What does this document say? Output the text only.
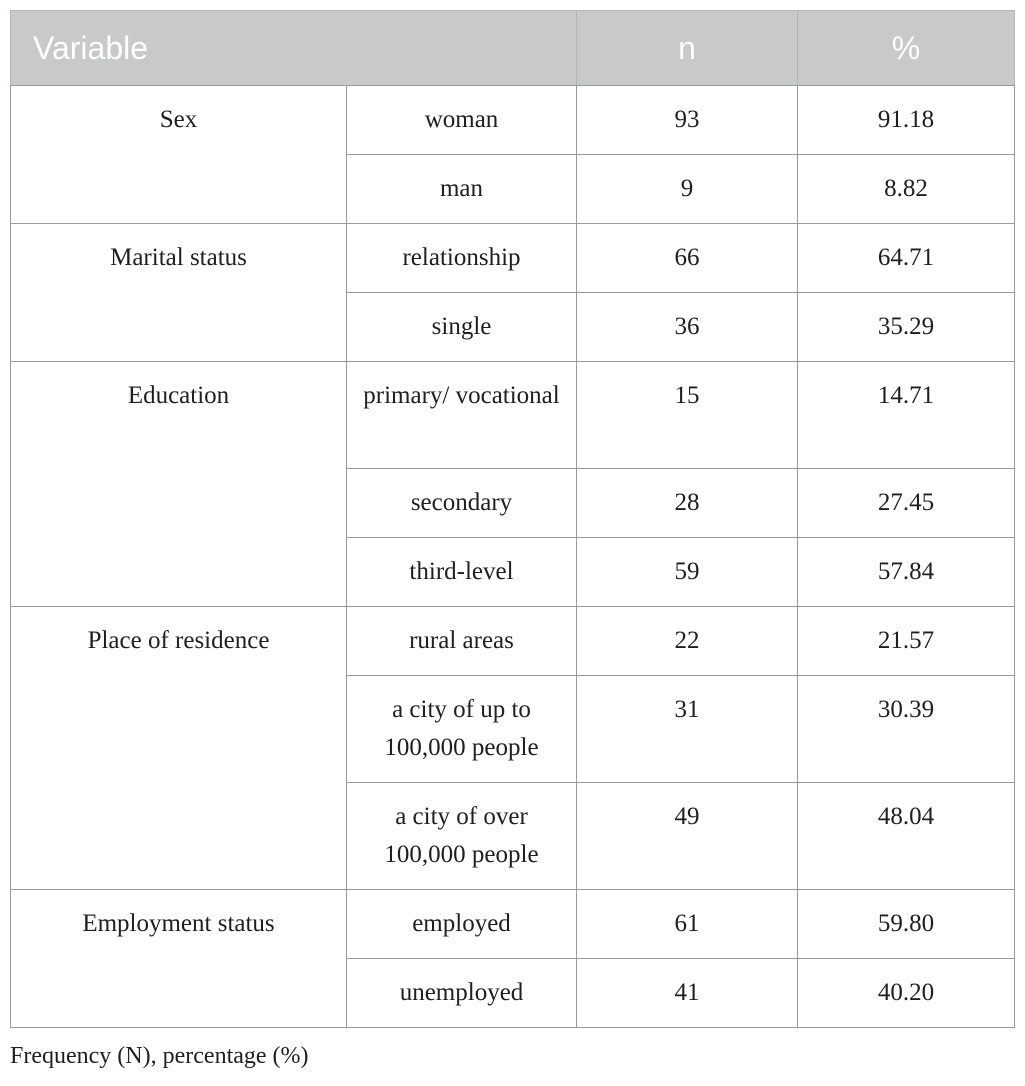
Variable		n	%
Sex	woman	93	91.18
	man	9	8.82
Marital status	relationship	66	64.71
	single	36	35.29
Education	primary/ vocational	15	14.71
	secondary	28	27.45
	third-level	59	57.84
Place of residence	rural areas	22	21.57
	a city of up to 100,000 people	31	30.39
	a city of over 100,000 people	49	48.04
Employment status	employed	61	59.80
	unemployed	41	40.20
Frequency (N), percentage (%)
